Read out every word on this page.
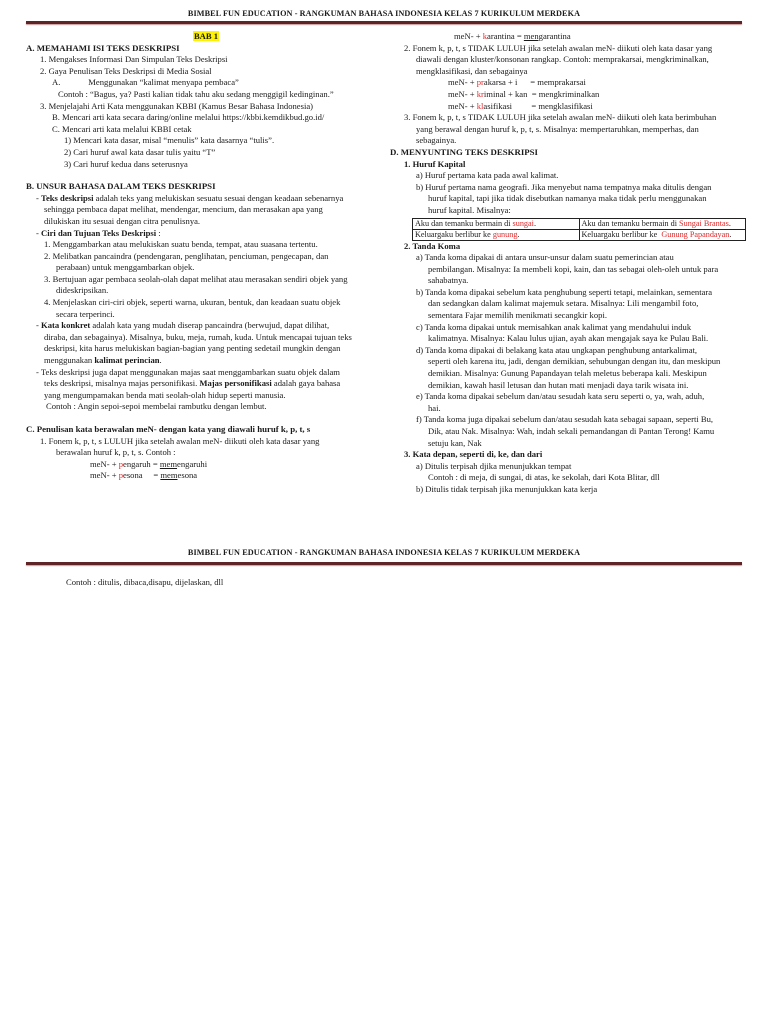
BIMBEL FUN EDUCATION - RANGKUMAN BAHASA INDONESIA KELAS 7 KURIKULUM MERDEKA
BAB 1
A. MEMAHAMI ISI TEKS DESKRIPSI
1. Mengakses Informasi Dan Simpulan Teks Deskripsi
2. Gaya Penulisan Teks Deskripsi di Media Sosial
A.             Menggunakan “kalimat menyapa pembaca”
Contoh : “Bagus, ya? Pasti kalian tidak tahu aku sedang menggigil kedinginan.”
3. Menjelajahi Arti Kata menggunakan KBBI (Kamus Besar Bahasa Indonesia)
B. Mencari arti kata secara daring/online melalui https://kbbi.kemdikbud.go.id/
C. Mencari arti kata melalui KBBI cetak
1) Mencari kata dasar, misal “menulis” kata dasarnya “tulis”.
2) Cari huruf awal kata dasar tulis yaitu “T”
3) Cari huruf kedua dans seterusnya
B. UNSUR BAHASA DALAM TEKS DESKRIPSI
- Teks deskripsi adalah teks yang melukiskan sesuatu sesuai dengan keadaan sebenarnya
sehingga pembaca dapat melihat, mendengar, mencium, dan merasakan apa yang
dilukiskan itu sesuai dengan citra penulisnya.
- Ciri dan Tujuan Teks Deskripsi :
1. Menggambarkan atau melukiskan suatu benda, tempat, atau suasana tertentu.
2. Melibatkan pancaindra (pendengaran, penglihatan, penciuman, pengecapan, dan
perabaan) untuk menggambarkan objek.
3. Bertujuan agar pembaca seolah-olah dapat melihat atau merasakan sendiri objek yang
dideskripsikan.
4. Menjelaskan ciri-ciri objek, seperti warna, ukuran, bentuk, dan keadaan suatu objek
secara terperinci.
- Kata konkret adalah kata yang mudah diserap pancaindra (berwujud, dapat dilihat,
diraba, dan sebagainya). Misalnya, buku, meja, rumah, kuda. Untuk mencapai tujuan teks
deskripsi, kita harus melukiskan bagian-bagian yang penting sedetail mungkin dengan
menggunakan kalimat perincian.
- Teks deskripsi juga dapat menggunakan majas saat menggambarkan suatu objek dalam
teks deskripsi, misalnya majas personifikasi. Majas personifikasi adalah gaya bahasa
yang mengumpamakan benda mati seolah-olah hidup seperti manusia.
Contoh : Angin sepoi-sepoi membelai rambutku dengan lembut.
C. Penulisan kata berawalan meN- dengan kata yang diawali huruf k, p, t, s
1. Fonem k, p, t, s LULUH jika setelah awalan meN- diikuti oleh kata dasar yang
berawalan huruf k, p, t, s. Contoh :
meN- + pengaruh = memengaruhi
meN- + pesona     = memesona
meN- + karantina = mengarantina
2. Fonem k, p, t, s TIDAK LULUH jika setelah awalan meN- diikuti oleh kata dasar yang
diawali dengan kluster/konsonan rangkap. Contoh: memprakarsai, mengkriminalkan,
mengklasifikasi, dan sebagainya
meN- + prakarsa + i      = memprakarsai
meN- + kriminal + kan  = mengkriminalkan
meN- + klasifikasi         = mengklasifikasi
3. Fonem k, p, t, s TIDAK LULUH jika setelah awalan meN- diikuti oleh kata berimbuhan
yang berawal dengan huruf k, p, t, s. Misalnya: mempertaruhkan, memperhas, dan
sebagainya.
D. MENYUNTING TEKS DESKRIPSI
1. Huruf Kapital
a) Huruf pertama kata pada awal kalimat.
b) Huruf pertama nama geografi. Jika menyebut nama tempatnya maka ditulis dengan
huruf kapital, tapi jika tidak disebutkan namanya maka tidak perlu menggunakan
huruf kapital. Misalnya:
Aku dan temanku bermain di sungai.	Aku dan temanku bermain di Sungai Brantas.
Keluargaku berlibur ke gunung.	Keluargaku berlibur ke  Gunung Papandayan.
2. Tanda Koma
a) Tanda koma dipakai di antara unsur-unsur dalam suatu pemerincian atau
pembilangan. Misalnya: Ia membeli kopi, kain, dan tas sebagai oleh-oleh untuk para
sahabatnya.
b) Tanda koma dipakai sebelum kata penghubung seperti tetapi, melainkan, sementara
dan sedangkan dalam kalimat majemuk setara. Misalnya: Lili mengambil foto,
sementara Fajar memilih menikmati secangkir kopi.
c) Tanda koma dipakai untuk memisahkan anak kalimat yang mendahului induk
kalimatnya. Misalnya: Kalau lulus ujian, ayah akan mengajak saya ke Pulau Bali.
d) Tanda koma dipakai di belakang kata atau ungkapan penghubung antarkalimat,
seperti oleh karena itu, jadi, dengan demikian, sehubungan dengan itu, dan meskipun
demikian. Misalnya: Gunung Papandayan telah meletus beberapa kali. Meskipun
demikian, kawah hasil letusan dan hutan mati menjadi daya tarik wisata ini.
e) Tanda koma dipakai sebelum dan/atau sesudah kata seru seperti o, ya, wah, aduh,
hai.
f) Tanda koma juga dipakai sebelum dan/atau sesudah kata sebagai sapaan, seperti Bu,
Dik, atau Nak. Misalnya: Wah, indah sekali pemandangan di Pantan Terong! Kamu
setuju kan, Nak
3. Kata depan, seperti di, ke, dan dari
a) Ditulis terpisah djika menunjukkan tempat
Contoh : di meja, di sungai, di atas, ke sekolah, dari Kota Blitar, dll
b) Ditulis tidak terpisah jika menunjukkan kata kerja
BIMBEL FUN EDUCATION - RANGKUMAN BAHASA INDONESIA KELAS 7 KURIKULUM MERDEKA
Contoh : ditulis, dibaca,disapu, dijelaskan, dll
